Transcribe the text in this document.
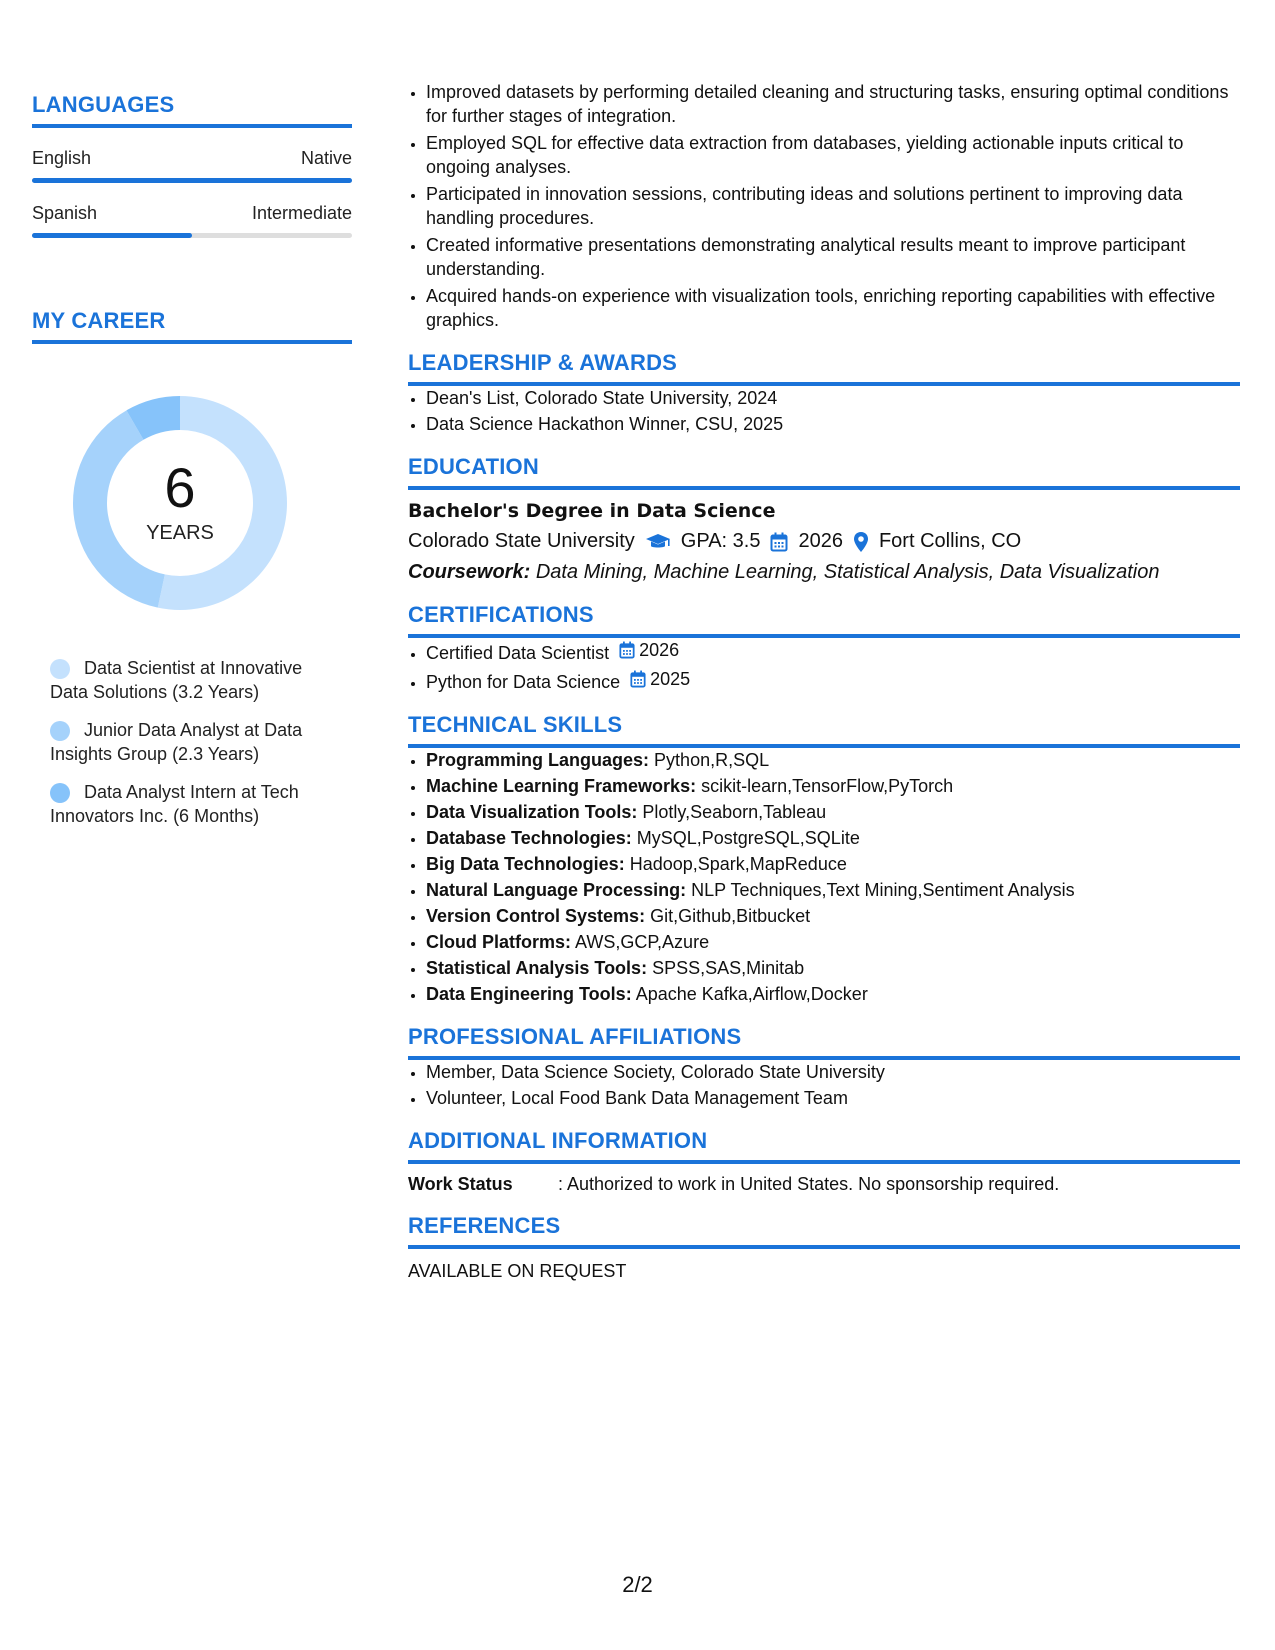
LANGUAGES
English	Native
Spanish	Intermediate
MY CAREER
6
YEARS
Data Scientist at Innovative Data Solutions (3.2 Years)
Junior Data Analyst at Data Insights Group (2.3 Years)
Data Analyst Intern at Tech Innovators Inc. (6 Months)
• Improved datasets by performing detailed cleaning and structuring tasks, ensuring optimal conditions for further stages of integration.
• Employed SQL for effective data extraction from databases, yielding actionable inputs critical to ongoing analyses.
• Participated in innovation sessions, contributing ideas and solutions pertinent to improving data handling procedures.
• Created informative presentations demonstrating analytical results meant to improve participant understanding.
• Acquired hands-on experience with visualization tools, enriching reporting capabilities with effective graphics.
LEADERSHIP & AWARDS
• Dean's List, Colorado State University, 2024
• Data Science Hackathon Winner, CSU, 2025
EDUCATION
Bachelor's Degree in Data Science
Colorado State University GPA: 3.5 2026 Fort Collins, CO
Coursework: Data Mining, Machine Learning, Statistical Analysis, Data Visualization
CERTIFICATIONS
• Certified Data Scientist 2026
• Python for Data Science 2025
TECHNICAL SKILLS
• Programming Languages: Python,R,SQL
• Machine Learning Frameworks: scikit-learn,TensorFlow,PyTorch
• Data Visualization Tools: Plotly,Seaborn,Tableau
• Database Technologies: MySQL,PostgreSQL,SQLite
• Big Data Technologies: Hadoop,Spark,MapReduce
• Natural Language Processing: NLP Techniques,Text Mining,Sentiment Analysis
• Version Control Systems: Git,Github,Bitbucket
• Cloud Platforms: AWS,GCP,Azure
• Statistical Analysis Tools: SPSS,SAS,Minitab
• Data Engineering Tools: Apache Kafka,Airflow,Docker
PROFESSIONAL AFFILIATIONS
• Member, Data Science Society, Colorado State University
• Volunteer, Local Food Bank Data Management Team
ADDITIONAL INFORMATION
Work Status	: Authorized to work in United States. No sponsorship required.
REFERENCES
AVAILABLE ON REQUEST
2/2
